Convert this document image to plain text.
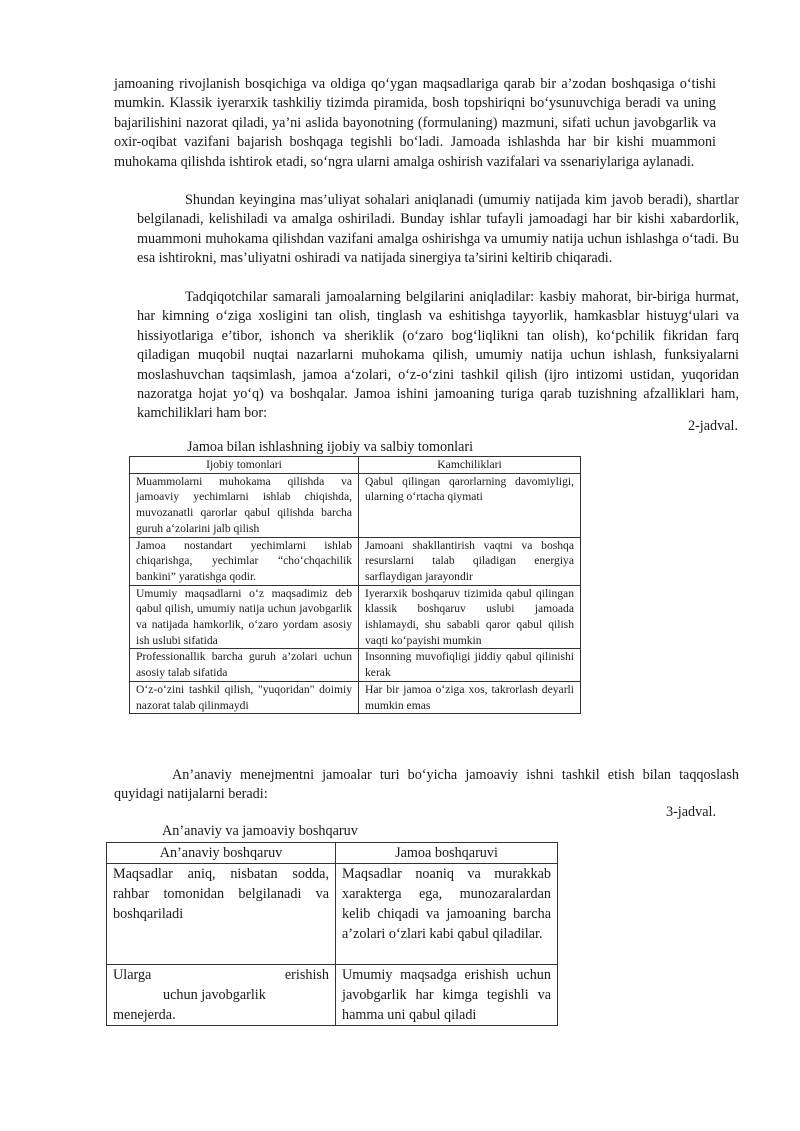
jamoaning rivojlanish bosqichiga va oldiga qo‘ygan maqsadlariga qarab bir a’zodan boshqasiga o‘tishi mumkin. Klassik iyerarxik tashkiliy tizimda piramida, bosh topshiriqni bo‘ysunuvchiga beradi va uning bajarilishini nazorat qiladi, ya’ni aslida bayonotning (formulaning) mazmuni, sifati uchun javobgarlik va oxir-oqibat vazifani bajarish boshqaga tegishli bo‘ladi. Jamoada ishlashda har bir kishi muammoni muhokama qilishda ishtirok etadi, so‘ngra ularni amalga oshirish vazifalari va ssenariylariga aylanadi.

Shundan keyingina mas’uliyat sohalari aniqlanadi (umumiy natijada kim javob beradi), shartlar belgilanadi, kelishiladi va amalga oshiriladi. Bunday ishlar tufayli jamoadagi har bir kishi xabardorlik, muammoni muhokama qilishdan vazifani amalga oshirishga va umumiy natija uchun ishlashga o‘tadi. Bu esa ishtirokni, mas’uliyatni oshiradi va natijada sinergiya ta’sirini keltirib chiqaradi.

Tadqiqotchilar samarali jamoalarning belgilarini aniqladilar: kasbiy mahorat, bir-biriga hurmat, har kimning o‘ziga xosligini tan olish, tinglash va eshitishga tayyorlik, hamkasblar histuyg‘ulari va hissiyotlariga e’tibor, ishonch va sheriklik (o‘zaro bog‘liqlikni tan olish), ko‘pchilik fikridan farq qiladigan muqobil nuqtai nazarlarni muhokama qilish, umumiy natija uchun ishlash, funksiyalarni moslashuvchan taqsimlash, jamoa a‘zolari, o‘z-o‘zini tashkil qilish (ijro intizomi ustidan, yuqoridan nazoratga hojat yo‘q) va boshqalar. Jamoa ishini jamoaning turiga qarab tuzishning afzalliklari ham, kamchiliklari ham bor:

2-jadval.
Jamoa bilan ishlashning ijobiy va salbiy tomonlari
Ijobiy tomonlari	Kamchiliklari
Muammolarni muhokama qilishda va jamoaviy yechimlarni ishlab chiqishda, muvozanatli qarorlar qabul qilishda barcha guruh a‘zolarini jalb qilish	Qabul qilingan qarorlarning davomiyligi, ularning o‘rtacha qiymati
Jamoa nostandart yechimlarni ishlab chiqarishga, yechimlar “cho‘chqachilik bankini” yaratishga qodir.	Jamoani shakllantirish vaqtni va boshqa resurslarni talab qiladigan energiya sarflaydigan jarayondir
Umumiy maqsadlarni o‘z maqsadimiz deb qabul qilish, umumiy natija uchun javobgarlik va natijada hamkorlik, o‘zaro yordam asosiy ish uslubi sifatida	Iyerarxik boshqaruv tizimida qabul qilingan klassik boshqaruv uslubi jamoada ishlamaydi, shu sababli qaror qabul qilish vaqti ko‘payishi mumkin
Professionallik barcha guruh a’zolari uchun asosiy talab sifatida	Insonning muvofiqligi jiddiy qabul qilinishi kerak
O‘z-o‘zini tashkil qilish, "yuqoridan" doimiy nazorat talab qilinmaydi	Har bir jamoa o‘ziga xos, takrorlash deyarli mumkin emas

An’anaviy menejmentni jamoalar turi bo‘yicha jamoaviy ishni tashkil etish bilan taqqoslash quyidagi natijalarni beradi:

3-jadval.
An’anaviy va jamoaviy boshqaruv
An’anaviy boshqaruv	Jamoa boshqaruvi
Maqsadlar aniq, nisbatan sodda, rahbar tomonidan belgilanadi va boshqariladi	Maqsadlar noaniq va murakkab xarakterga ega, munozaralardan kelib chiqadi va jamoaning barcha a’zolari o‘zlari kabi qabul qiladilar.

Ularga erishish
uchun javobgarlik
menejerda.	Umumiy maqsadga erishish uchun javobgarlik har kimga tegishli va hamma uni qabul qiladi
